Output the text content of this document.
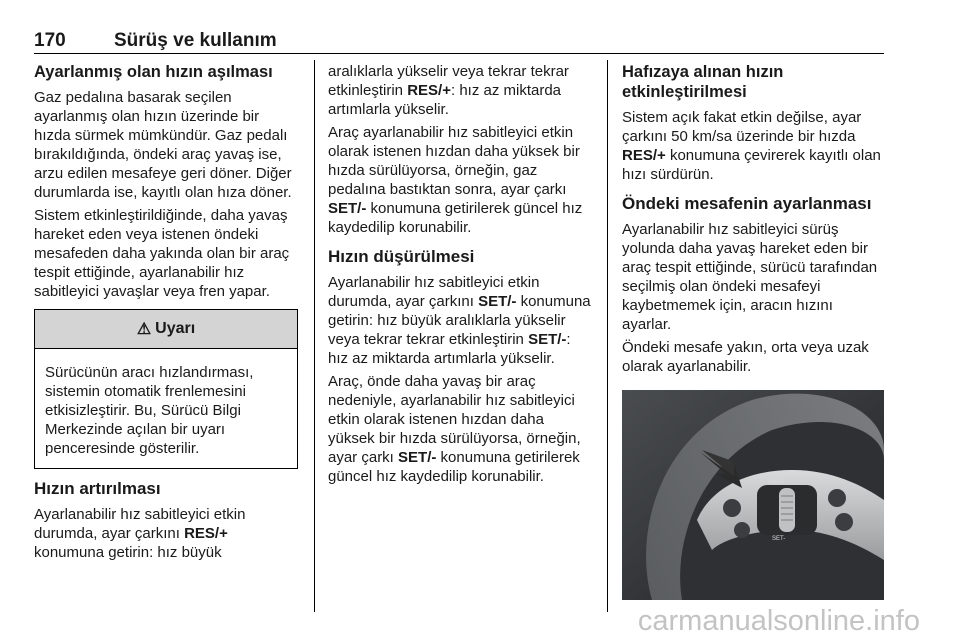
170	Sürüş ve kullanım
Ayarlanmış olan hızın aşılması

Gaz pedalına basarak seçilen ayarlanmış olan hızın üzerinde bir hızda sürmek mümkündür. Gaz pedalı bırakıldığında, öndeki araç yavaş ise, arzu edilen mesafeye geri döner. Diğer durumlarda ise, kayıtlı olan hıza döner.

Sistem etkinleştirildiğinde, daha yavaş hareket eden veya istenen öndeki mesafeden daha yakında olan bir araç tespit ettiğinde, ayarlanabilir hız sabitleyici yavaşlar veya fren yapar.

⚠ Uyarı
Sürücünün aracı hızlandırması, sistemin otomatik frenlemesini etkisizleştirir. Bu, Sürücü Bilgi Merkezinde açılan bir uyarı penceresinde gösterilir.
Hızın artırılması

Ayarlanabilir hız sabitleyici etkin durumda, ayar çarkını RES/+ konumuna getirin: hız büyük

aralıklarla yükselir veya tekrar tekrar etkinleştirin RES/+: hız az miktarda artımlarla yükselir.

Araç ayarlanabilir hız sabitleyici etkin olarak istenen hızdan daha yüksek bir hızda sürülüyorsa, örneğin, gaz pedalına bastıktan sonra, ayar çarkı SET/- konumuna getirilerek güncel hız kaydedilip korunabilir.

Hızın düşürülmesi

Ayarlanabilir hız sabitleyici etkin durumda, ayar çarkını SET/- konumuna getirin: hız büyük aralıklarla yükselir veya tekrar tekrar etkinleştirin SET/-: hız az miktarda artımlarla yükselir.

Araç, önde daha yavaş bir araç nedeniyle, ayarlanabilir hız sabitleyici etkin olarak istenen hızdan daha yüksek bir hızda sürülüyorsa, örneğin, ayar çarkı SET/- konumuna getirilerek güncel hız kaydedilip korunabilir.

Hafızaya alınan hızın etkinleştirilmesi

Sistem açık fakat etkin değilse, ayar çarkını 50 km/sa üzerinde bir hızda RES/+ konumuna çevirerek kayıtlı olan hızı sürdürün.

Öndeki mesafenin ayarlanması

Ayarlanabilir hız sabitleyici sürüş yolunda daha yavaş hareket eden bir araç tespit ettiğinde, sürücü tarafından seçilmiş olan öndeki mesafeyi kaybetmemek için, aracın hızını ayarlar.

Öndeki mesafe yakın, orta veya uzak olarak ayarlanabilir.

RES+
SET-
carmanualsonline.info
